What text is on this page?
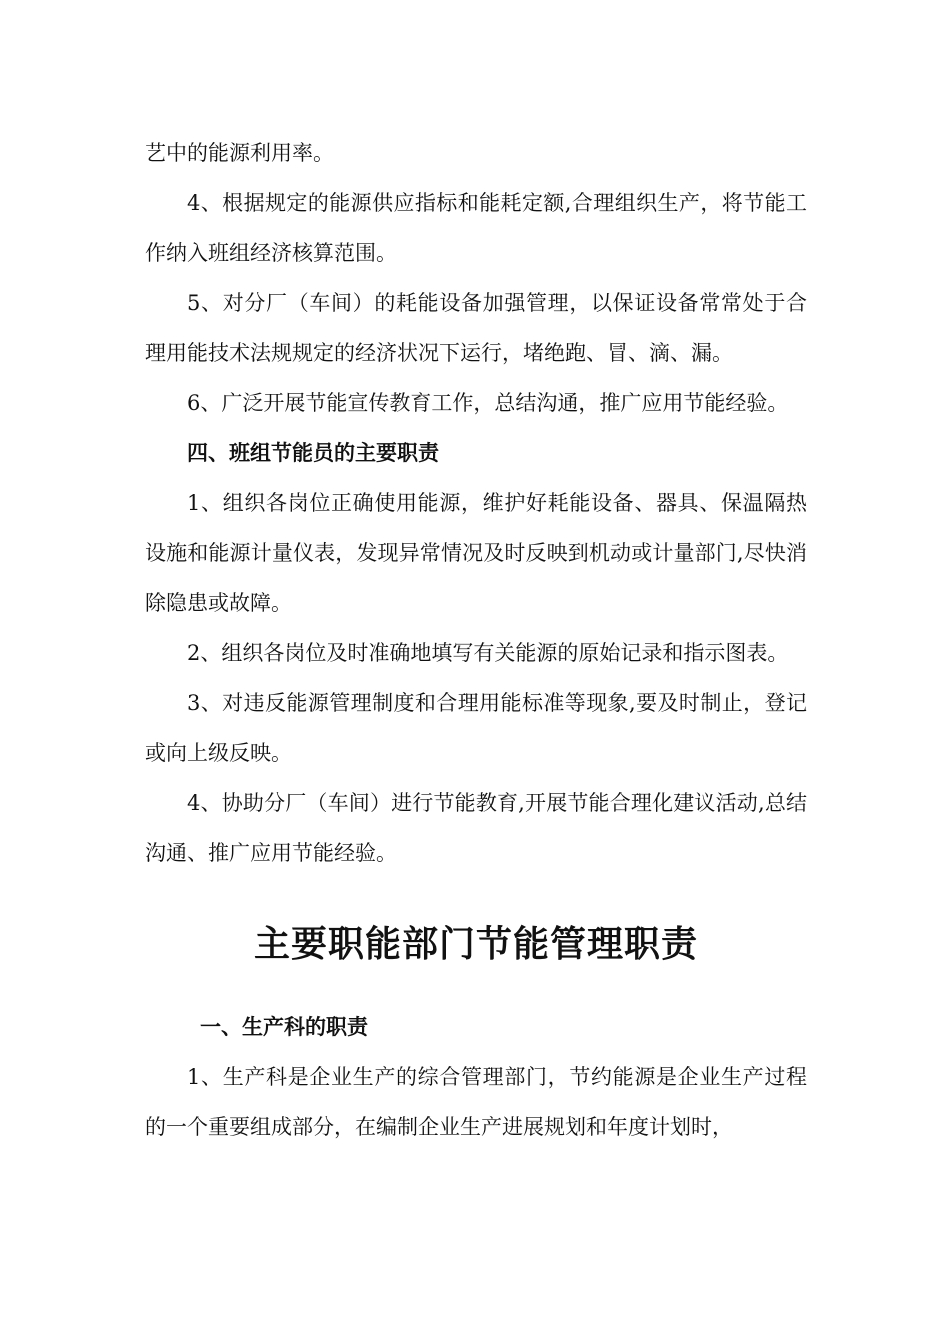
艺中的能源利用率。

4、根据规定的能源供应指标和能耗定额,合理组织生产，将节能工作纳入班组经济核算范围。

5、对分厂（车间）的耗能设备加强管理，以保证设备常常处于合理用能技术法规规定的经济状况下运行，堵绝跑、冒、滴、漏。

6、广泛开展节能宣传教育工作，总结沟通，推广应用节能经验。

四、班组节能员的主要职责

1、组织各岗位正确使用能源，维护好耗能设备、器具、保温隔热设施和能源计量仪表，发现异常情况及时反映到机动或计量部门,尽快消除隐患或故障。

2、组织各岗位及时准确地填写有关能源的原始记录和指示图表。

3、对违反能源管理制度和合理用能标准等现象,要及时制止，登记或向上级反映。

4、协助分厂（车间）进行节能教育,开展节能合理化建议活动,总结沟通、推广应用节能经验。

主要职能部门节能管理职责

一、生产科的职责

1、生产科是企业生产的综合管理部门，节约能源是企业生产过程的一个重要组成部分，在编制企业生产进展规划和年度计划时，
